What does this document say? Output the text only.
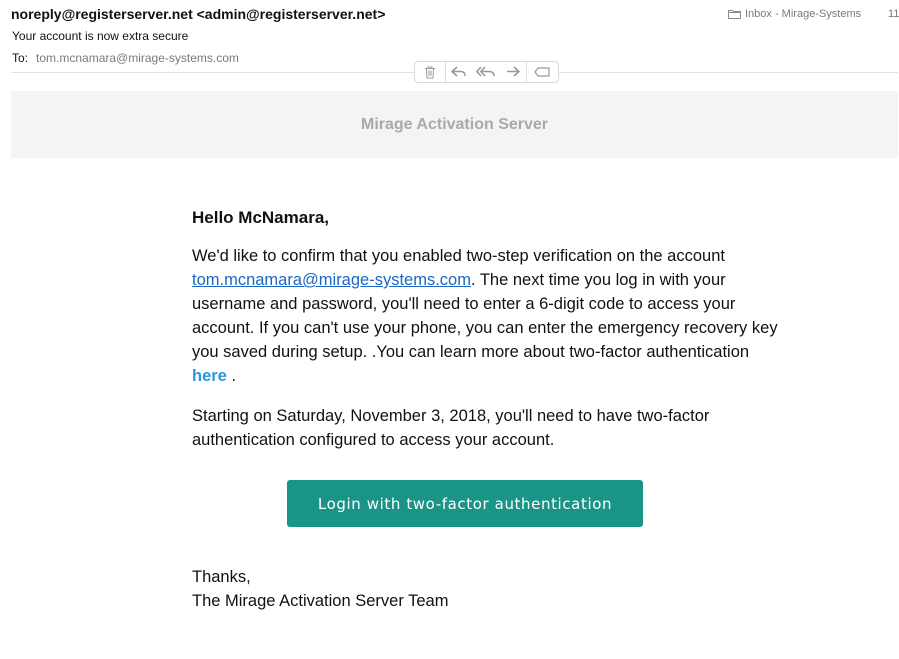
noreply@registerserver.net <admin@registerserver.net>
Your account is now extra secure
To: tom.mcnamara@mirage-systems.com
Inbox - Mirage-Systems 11
Mirage Activation Server

Hello McNamara,

We'd like to confirm that you enabled two-step verification on the account tom.mcnamara@mirage-systems.com. The next time you log in with your username and password, you'll need to enter a 6-digit code to access your account. If you can't use your phone, you can enter the emergency recovery key you saved during setup. .You can learn more about two-factor authentication here .

Starting on Saturday, November 3, 2018, you'll need to have two-factor authentication configured to access your account.

Login with two-factor authentication
Thanks,
The Mirage Activation Server Team
